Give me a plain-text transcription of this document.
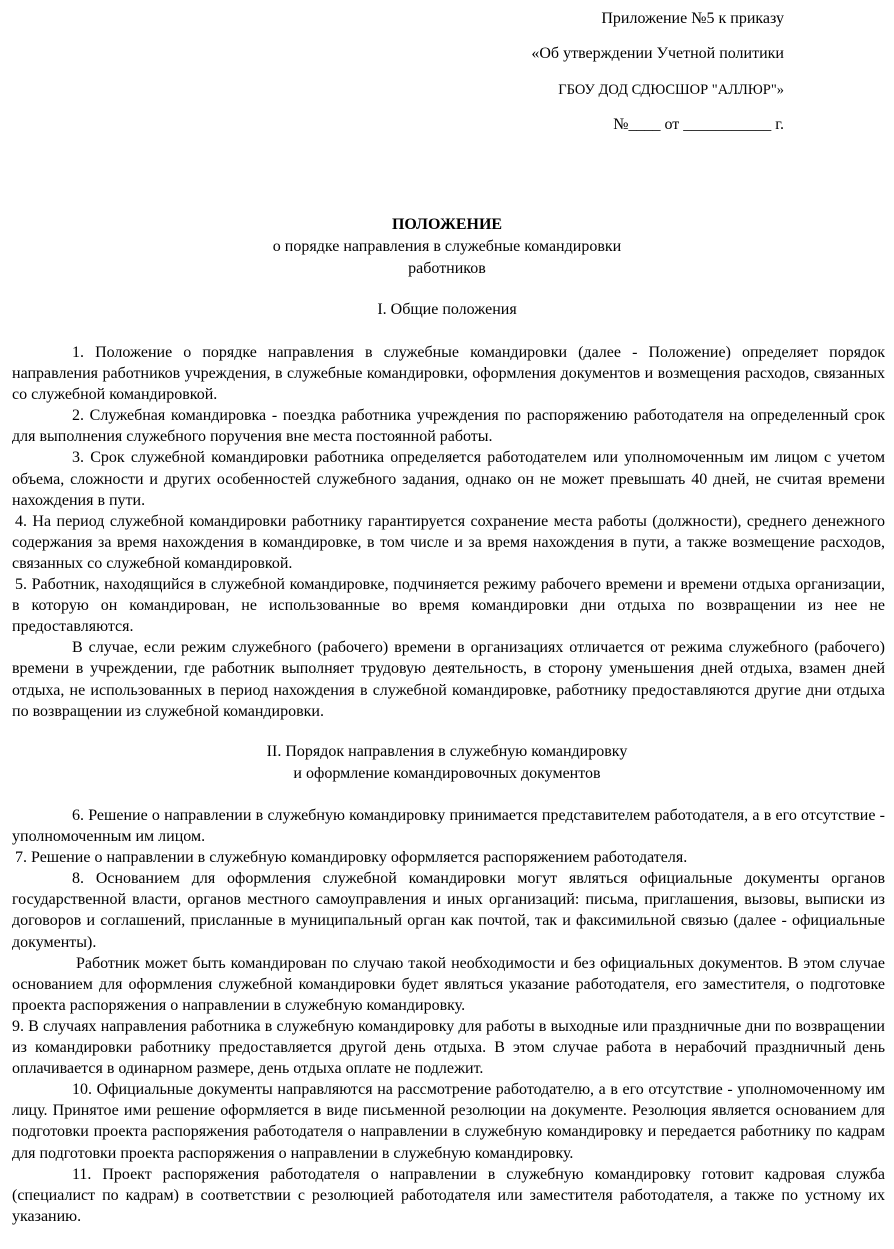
Приложение №5 к приказу
«Об утверждении Учетной политики
ГБОУ ДОД СДЮСШОР "АЛЛЮР"»
№____ от ___________ г.
ПОЛОЖЕНИЕ
о порядке направления в служебные командировки
работников
I. Общие положения

1. Положение о порядке направления в служебные командировки (далее - Положение) определяет порядок направления работников учреждения, в служебные командировки, оформления документов и возмещения расходов, связанных со служебной командировкой.

2. Служебная командировка - поездка работника учреждения по распоряжению работодателя на определенный срок для выполнения служебного поручения вне места постоянной работы.

3. Срок служебной командировки работника определяется работодателем или уполномоченным им лицом с учетом объема, сложности и других особенностей служебного задания, однако он не может превышать 40 дней, не считая времени нахождения в пути.

4. На период служебной командировки работнику гарантируется сохранение места работы (должности), среднего денежного содержания за время нахождения в командировке, в том числе и за время нахождения в пути, а также возмещение расходов, связанных со служебной командировкой.

5. Работник, находящийся в служебной командировке, подчиняется режиму рабочего времени и времени отдыха организации, в которую он командирован, не использованные во время командировки дни отдыха по возвращении из нее не предоставляются.

В случае, если режим служебного (рабочего) времени в организациях отличается от режима служебного (рабочего) времени в учреждении, где работник выполняет трудовую деятельность, в сторону уменьшения дней отдыха, взамен дней отдыха, не использованных в период нахождения в служебной командировке, работнику предоставляются другие дни отдыха по возвращении из служебной командировки.

II. Порядок направления в служебную командировку
и оформление командировочных документов

6. Решение о направлении в служебную командировку принимается представителем работодателя, а в его отсутствие - уполномоченным им лицом.

7. Решение о направлении в служебную командировку оформляется распоряжением работодателя.

8. Основанием для оформления служебной командировки могут являться официальные документы органов государственной власти, органов местного самоуправления и иных организаций: письма, приглашения, вызовы, выписки из договоров и соглашений, присланные в муниципальный орган как почтой, так и факсимильной связью (далее - официальные документы).

Работник может быть командирован по случаю такой необходимости и без официальных документов. В этом случае основанием для оформления служебной командировки будет являться указание работодателя, его заместителя, о подготовке проекта распоряжения о направлении в служебную командировку.

9. В случаях направления работника в служебную командировку для работы в выходные или праздничные дни по возвращении из командировки работнику предоставляется другой день отдыха. В этом случае работа в нерабочий праздничный день оплачивается в одинарном размере, день отдыха оплате не подлежит.

10. Официальные документы направляются на рассмотрение работодателю, а в его отсутствие - уполномоченному им лицу. Принятое ими решение оформляется в виде письменной резолюции на документе. Резолюция является основанием для подготовки проекта распоряжения работодателя о направлении в служебную командировку и передается работнику по кадрам для подготовки проекта распоряжения о направлении в служебную командировку.

11. Проект распоряжения работодателя о направлении в служебную командировку готовит кадровая служба (специалист по кадрам) в соответствии с резолюцией работодателя или заместителя работодателя, а также по устному их указанию.
